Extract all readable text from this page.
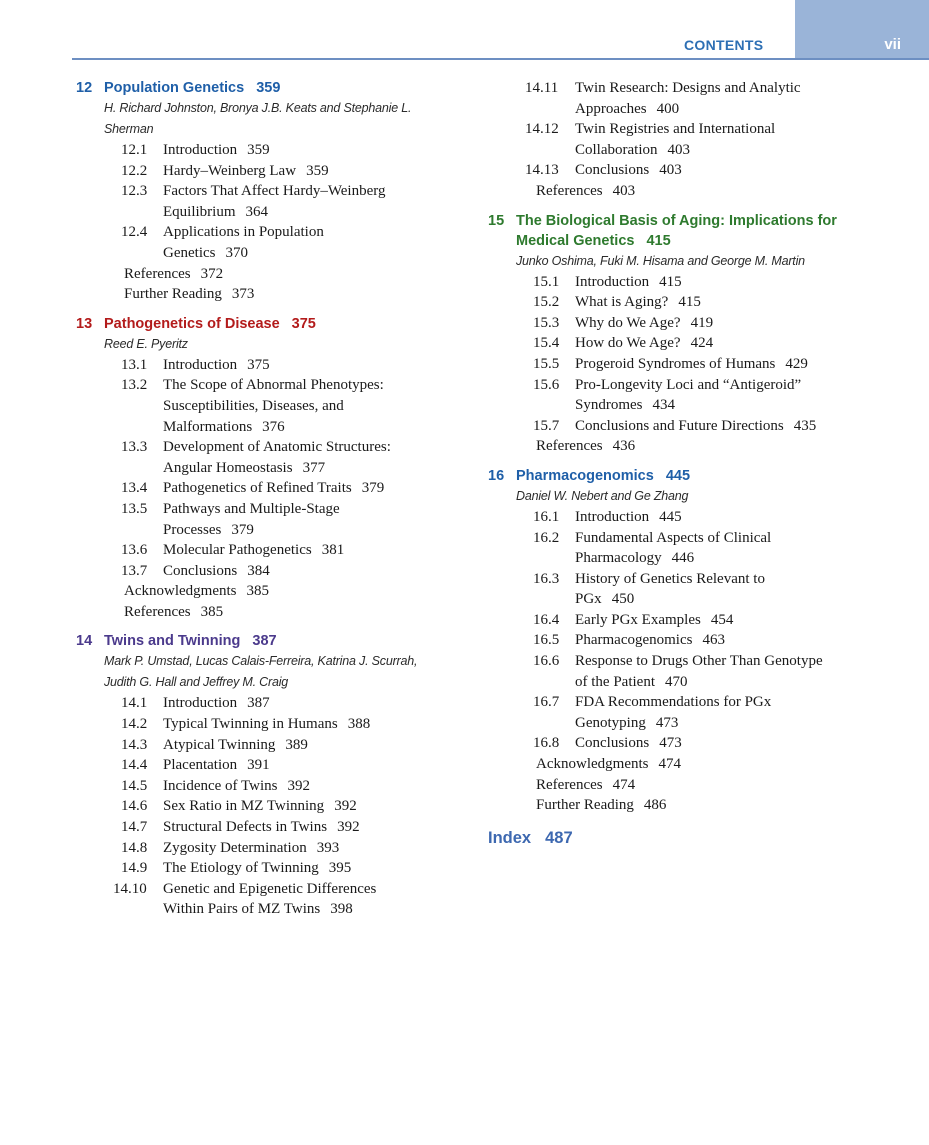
vii
CONTENTS
12 Population Genetics 359
H. Richard Johnston, Bronya J.B. Keats and Stephanie L.
Sherman
12.1 Introduction 359
12.2 Hardy–Weinberg Law 359
12.3 Factors That Affect Hardy–Weinberg
Equilibrium 364
12.4 Applications in Population
Genetics 370
References 372
Further Reading 373
13 Pathogenetics of Disease 375
Reed E. Pyeritz
13.1 Introduction 375
13.2 The Scope of Abnormal Phenotypes:
Susceptibilities, Diseases, and
Malformations 376
13.3 Development of Anatomic Structures:
Angular Homeostasis 377
13.4 Pathogenetics of Refined Traits 379
13.5 Pathways and Multiple-Stage
Processes 379
13.6 Molecular Pathogenetics 381
13.7 Conclusions 384
Acknowledgments 385
References 385
14 Twins and Twinning 387
Mark P. Umstad, Lucas Calais-Ferreira, Katrina J. Scurrah,
Judith G. Hall and Jeffrey M. Craig
14.1 Introduction 387
14.2 Typical Twinning in Humans 388
14.3 Atypical Twinning 389
14.4 Placentation 391
14.5 Incidence of Twins 392
14.6 Sex Ratio in MZ Twinning 392
14.7 Structural Defects in Twins 392
14.8 Zygosity Determination 393
14.9 The Etiology of Twinning 395
14.10 Genetic and Epigenetic Differences
Within Pairs of MZ Twins 398
14.11 Twin Research: Designs and Analytic
Approaches 400
14.12 Twin Registries and International
Collaboration 403
14.13 Conclusions 403
References 403
15 The Biological Basis of Aging: Implications for Medical Genetics 415
Junko Oshima, Fuki M. Hisama and George M. Martin
15.1 Introduction 415
15.2 What is Aging? 415
15.3 Why do We Age? 419
15.4 How do We Age? 424
15.5 Progeroid Syndromes of Humans 429
15.6 Pro-Longevity Loci and “Antigeroid”
Syndromes 434
15.7 Conclusions and Future Directions 435
References 436
16 Pharmacogenomics 445
Daniel W. Nebert and Ge Zhang
16.1 Introduction 445
16.2 Fundamental Aspects of Clinical
Pharmacology 446
16.3 History of Genetics Relevant to
PGx 450
16.4 Early PGx Examples 454
16.5 Pharmacogenomics 463
16.6 Response to Drugs Other Than Genotype
of the Patient 470
16.7 FDA Recommendations for PGx
Genotyping 473
16.8 Conclusions 473
Acknowledgments 474
References 474
Further Reading 486
Index 487
